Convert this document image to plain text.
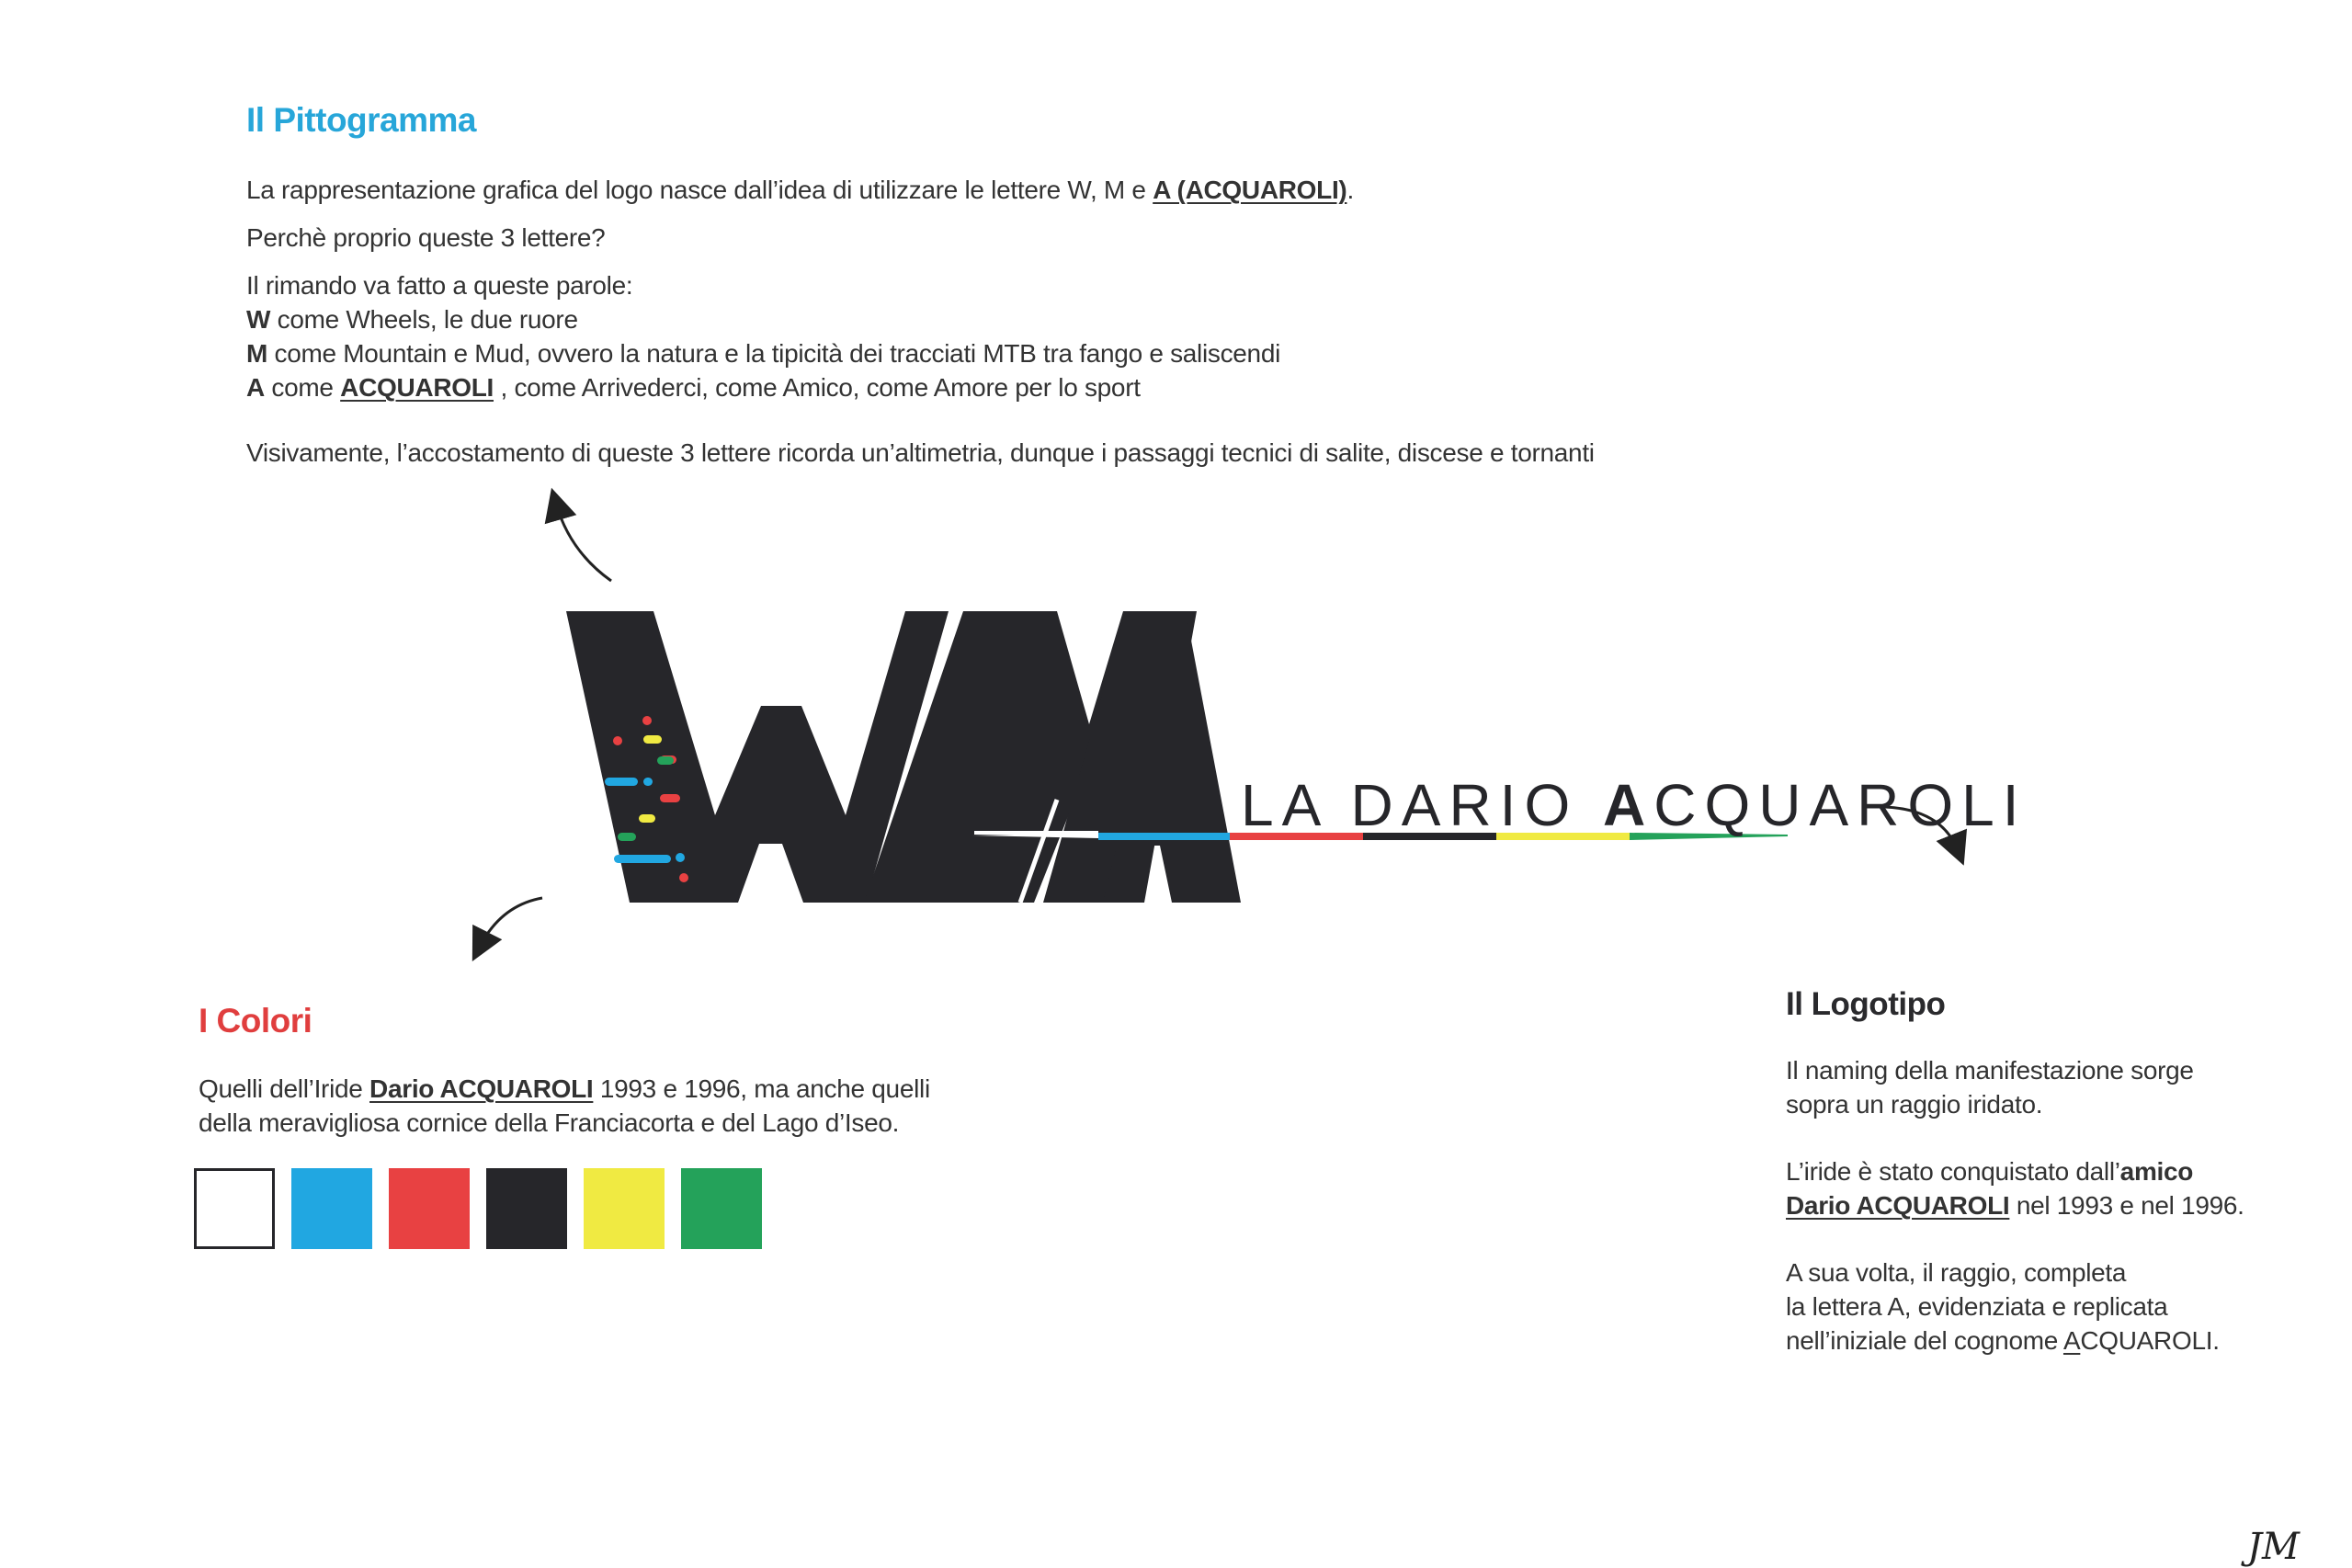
Il Pittogramma
La rappresentazione grafica del logo nasce dall’idea di utilizzare le lettere W, M e A (ACQUAROLI).
Perchè proprio queste 3 lettere?
Il rimando va fatto a queste parole:
W come Wheels, le due ruore
M come Mountain e Mud, ovvero la natura e la tipicità dei tracciati MTB tra fango e saliscendi
A come ACQUAROLI , come Arrivederci, come Amico, come Amore per lo sport
Visivamente, l’accostamento di queste 3 lettere ricorda un’altimetria, dunque i passaggi tecnici di salite, discese e tornanti
LA DARIO ACQUAROLI
I Colori
Quelli dell’Iride Dario ACQUAROLI 1993 e 1996, ma anche quelli
della meravigliosa cornice della Franciacorta e del Lago d’Iseo.
Il Logotipo
Il naming della manifestazione sorge
sopra un raggio iridato.
L’iride è stato conquistato dall’amico
Dario ACQUAROLI nel 1993 e nel 1996.
A sua volta, il raggio, completa
la lettera A, evidenziata e replicata
nell’iniziale del cognome ACQUAROLI.
JM
